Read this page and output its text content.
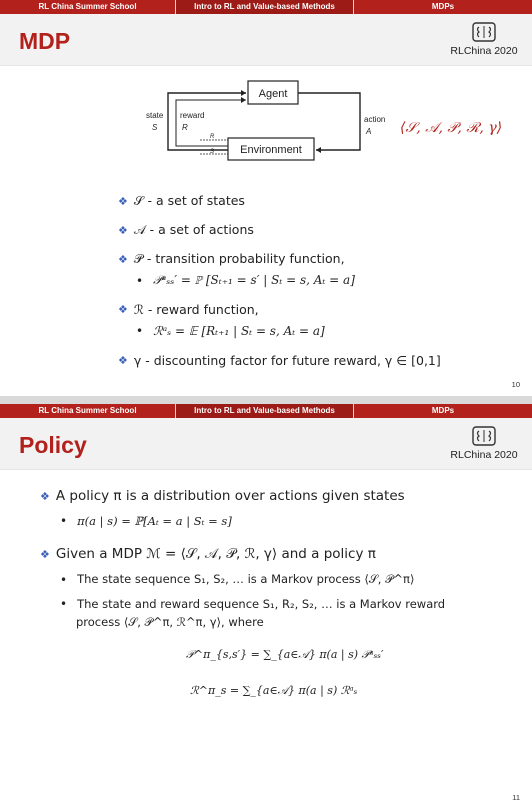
RL China Summer School	Intro to RL and Value-based Methods	MDPs
MDP	RLChina 2020
Agent
Environment
state
S
reward
R
action
A
R
S
⟨𝒮, 𝒜, 𝒫, ℛ, γ⟩
❖ 𝒮 - a set of states
❖ 𝒜 - a set of actions
❖ 𝒫 - transition probability function,
• 𝒫ᵃₛₛ′ = ℙ [Sₜ₊₁ = s′ | Sₜ = s, Aₜ = a]
❖ ℛ - reward function,
• ℛᵃₛ = 𝔼 [Rₜ₊₁ | Sₜ = s, Aₜ = a]
❖ γ - discounting factor for future reward, γ ∈ [0,1]
10
RL China Summer School	Intro to RL and Value-based Methods	MDPs
Policy	RLChina 2020
❖ A policy π is a distribution over actions given states
• π(a | s) = ℙ[Aₜ = a | Sₜ = s]
❖ Given a MDP ℳ = ⟨𝒮, 𝒜, 𝒫, ℛ, γ⟩ and a policy π
• The state sequence S₁, S₂, … is a Markov process ⟨𝒮, 𝒫^π⟩
• The state and reward sequence S₁, R₂, S₂, … is a Markov reward
process ⟨𝒮, 𝒫^π, ℛ^π, γ⟩, where
𝒫^π_{s,s′} = ∑_{a∈𝒜} π(a | s) 𝒫ᵃₛₛ′
ℛ^π_s = ∑_{a∈𝒜} π(a | s) ℛᵃₛ
11
